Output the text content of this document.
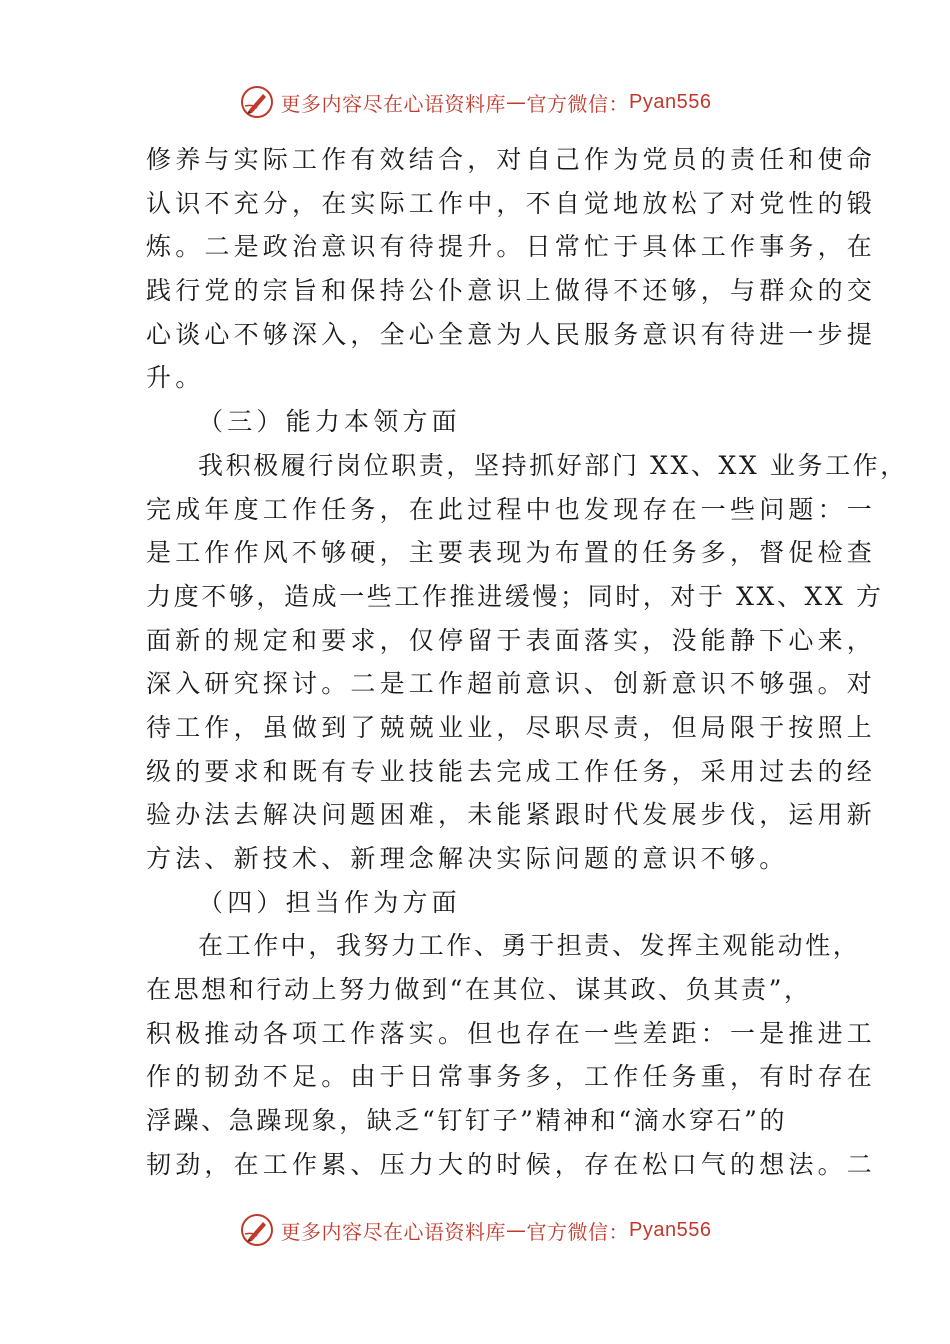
更多内容尽在心语资料库 — 官方微信： Pyan556
修养与实际工作有效结合，对自己作为党员的责任和使命
认识不充分，在实际工作中，不自觉地放松了对党性的锻
炼。二是政治意识有待提升。日常忙于具体工作事务，在
践行党的宗旨和保持公仆意识上做得不还够，与群众的交
心谈心不够深入，全心全意为人民服务意识有待进一步提
升。
（三）能力本领方面
我积极履行岗位职责，坚持抓好部门 XX、XX 业务工作，
完成年度工作任务，在此过程中也发现存在一些问题：一
是工作作风不够硬，主要表现为布置的任务多，督促检查
力度不够，造成一些工作推进缓慢；同时，对于 XX、XX 方
面新的规定和要求，仅停留于表面落实，没能静下心来，
深入研究探讨。二是工作超前意识、创新意识不够强。对
待工作，虽做到了兢兢业业，尽职尽责，但局限于按照上
级的要求和既有专业技能去完成工作任务，采用过去的经
验办法去解决问题困难，未能紧跟时代发展步伐，运用新
方法、新技术、新理念解决实际问题的意识不够。
（四）担当作为方面
在工作中，我努力工作、勇于担责、发挥主观能动性，
在思想和行动上努力做到“在其位、谋其政、负其责”，
积极推动各项工作落实。但也存在一些差距：一是推进工
作的韧劲不足。由于日常事务多，工作任务重，有时存在
浮躁、急躁现象，缺乏“钉钉子”精神和“滴水穿石”的
韧劲，在工作累、压力大的时候，存在松口气的想法。二
更多内容尽在心语资料库 — 官方微信： Pyan556
